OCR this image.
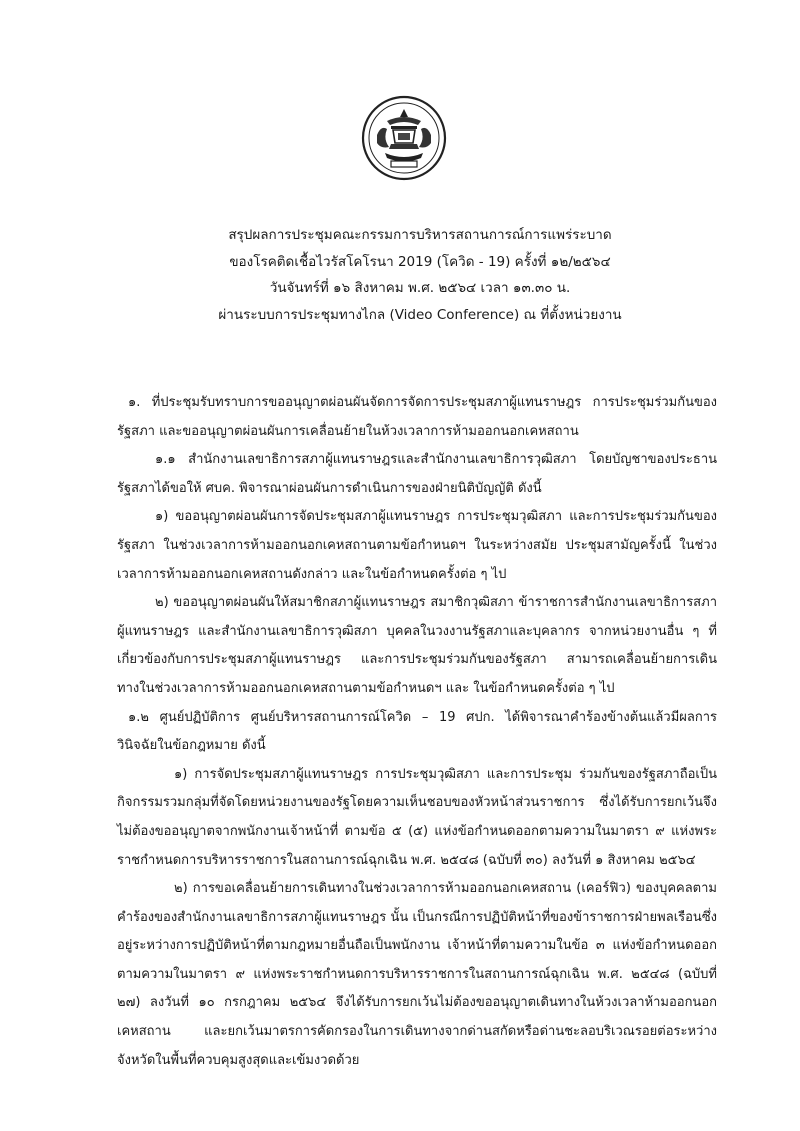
สรุปผลการประชุมคณะกรรมการบริหารสถานการณ์การแพร่ระบาด
ของโรคติดเชื้อไวรัสโคโรนา 2019 (โควิด - 19) ครั้งที่ ๑๒/๒๕๖๔
วันจันทร์ที่ ๑๖ สิงหาคม พ.ศ. ๒๕๖๔ เวลา ๑๓.๓๐ น.
ผ่านระบบการประชุมทางไกล (Video Conference) ณ ที่ตั้งหน่วยงาน
๑. ที่ประชุมรับทราบการขออนุญาตผ่อนผันจัดการจัดการประชุมสภาผู้แทนราษฎร การประชุมร่วมกันของรัฐสภา และขออนุญาตผ่อนผันการเคลื่อนย้ายในห้วงเวลาการห้ามออกนอกเคหสถาน
๑.๑ สำนักงานเลขาธิการสภาผู้แทนราษฎรและสำนักงานเลขาธิการวุฒิสภา โดยบัญชาของประธานรัฐสภาได้ขอให้ ศบค. พิจารณาผ่อนผันการดำเนินการของฝ่ายนิติบัญญัติ ดังนี้
๑) ขออนุญาตผ่อนผันการจัดประชุมสภาผู้แทนราษฎร การประชุมวุฒิสภา และการประชุมร่วมกันของรัฐสภา ในช่วงเวลาการห้ามออกนอกเคหสถานตามข้อกำหนดฯ ในระหว่างสมัย ประชุมสามัญครั้งนี้ ในช่วงเวลาการห้ามออกนอกเคหสถานดังกล่าว และในข้อกำหนดครั้งต่อ ๆ ไป
๒) ขออนุญาตผ่อนผันให้สมาชิกสภาผู้แทนราษฎร สมาชิกวุฒิสภา ข้าราชการสำนักงานเลขาธิการสภาผู้แทนราษฎร และสำนักงานเลขาธิการวุฒิสภา บุคคลในวงงานรัฐสภาและบุคลากร จากหน่วยงานอื่น ๆ ที่เกี่ยวข้องกับการประชุมสภาผู้แทนราษฎร และการประชุมร่วมกันของรัฐสภา สามารถเคลื่อนย้ายการเดินทางในช่วงเวลาการห้ามออกนอกเคหสถานตามข้อกำหนดฯ และ ในข้อกำหนดครั้งต่อ ๆ ไป
๑.๒ ศูนย์ปฏิบัติการ ศูนย์บริหารสถานการณ์โควิด – 19 ศปก. ได้พิจารณาคำร้องข้างต้นแล้วมีผลการวินิจฉัยในข้อกฎหมาย ดังนี้
๑) การจัดประชุมสภาผู้แทนราษฎร การประชุมวุฒิสภา และการประชุม ร่วมกันของรัฐสภาถือเป็นกิจกรรมรวมกลุ่มที่จัดโดยหน่วยงานของรัฐโดยความเห็นชอบของหัวหน้าส่วนราชการ ซึ่งได้รับการยกเว้นจึงไม่ต้องขออนุญาตจากพนักงานเจ้าหน้าที่ ตามข้อ ๕ (๕) แห่งข้อกำหนดออกตามความในมาตรา ๙ แห่งพระราชกำหนดการบริหารราชการในสถานการณ์ฉุกเฉิน พ.ศ. ๒๕๔๘ (ฉบับที่ ๓๐) ลงวันที่ ๑ สิงหาคม ๒๕๖๔
๒) การขอเคลื่อนย้ายการเดินทางในช่วงเวลาการห้ามออกนอกเคหสถาน (เคอร์ฟิว) ของบุคคลตามคำร้องของสำนักงานเลขาธิการสภาผู้แทนราษฎร นั้น เป็นกรณีการปฏิบัติหน้าที่ของข้าราชการฝ่ายพลเรือนซึ่งอยู่ระหว่างการปฏิบัติหน้าที่ตามกฎหมายอื่นถือเป็นพนักงาน เจ้าหน้าที่ตามความในข้อ ๓ แห่งข้อกำหนดออกตามความในมาตรา ๙ แห่งพระราชกำหนดการบริหารราชการในสถานการณ์ฉุกเฉิน พ.ศ. ๒๕๔๘ (ฉบับที่ ๒๗) ลงวันที่ ๑๐ กรกฎาคม ๒๕๖๔ จึงได้รับการยกเว้นไม่ต้องขออนุญาตเดินทางในห้วงเวลาห้ามออกนอกเคหสถาน และยกเว้นมาตรการคัดกรองในการเดินทางจากด่านสกัดหรือด่านชะลอบริเวณรอยต่อระหว่างจังหวัดในพื้นที่ควบคุมสูงสุดและเข้มงวดด้วย
